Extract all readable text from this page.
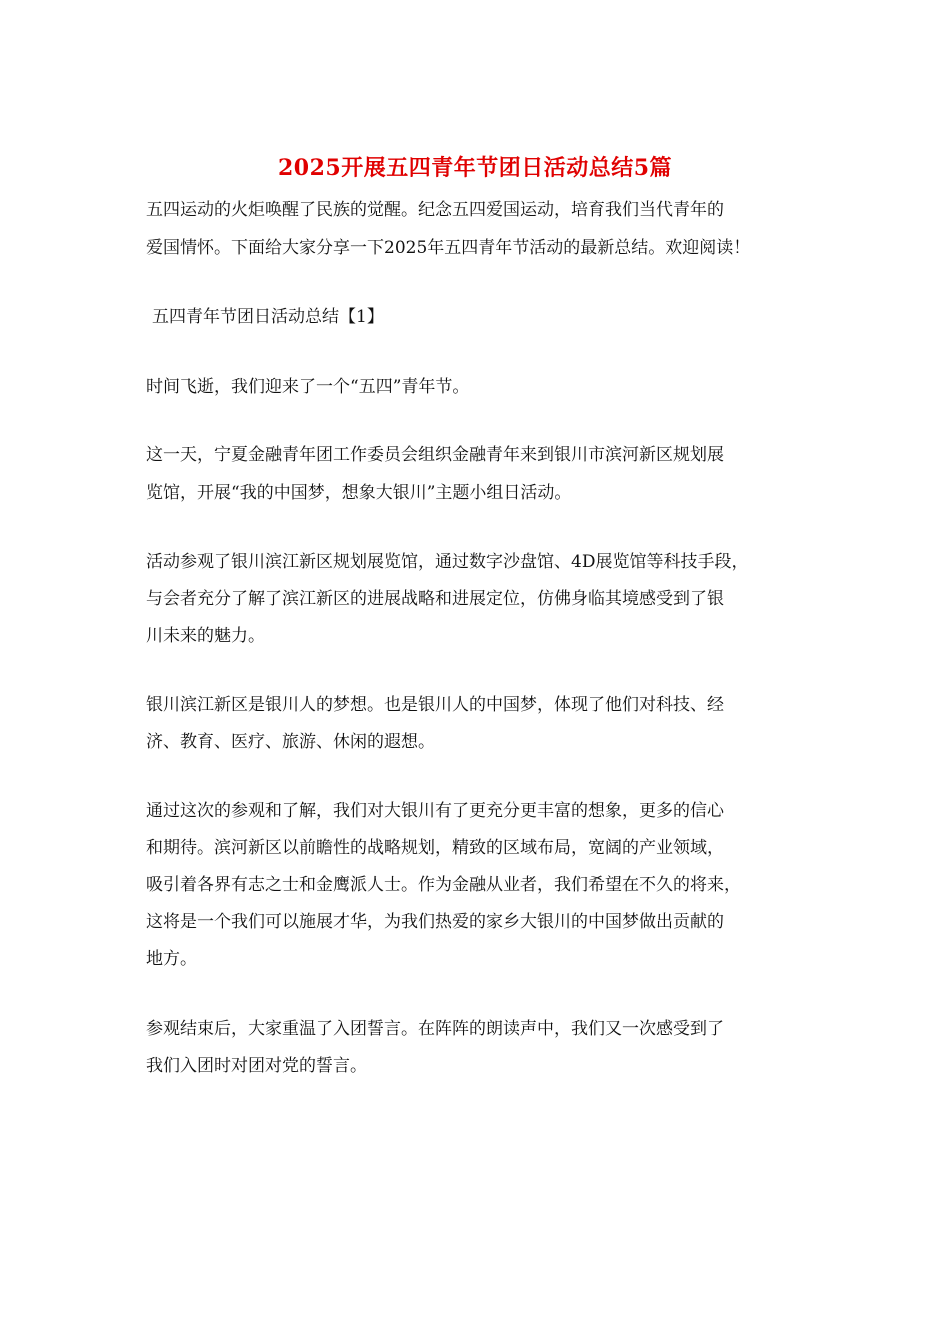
2025开展五四青年节团日活动总结5篇

五四运动的火炬唤醒了民族的觉醒。纪念五四爱国运动，培育我们当代青年的

爱国情怀。下面给大家分享一下2025年五四青年节活动的最新总结。欢迎阅读！

五四青年节团日活动总结【1】

时间飞逝，我们迎来了一个“五四”青年节。

这一天，宁夏金融青年团工作委员会组织金融青年来到银川市滨河新区规划展

览馆，开展“我的中国梦，想象大银川”主题小组日活动。

活动参观了银川滨江新区规划展览馆，通过数字沙盘馆、4D展览馆等科技手段，

与会者充分了解了滨江新区的进展战略和进展定位，仿佛身临其境感受到了银

川未来的魅力。

银川滨江新区是银川人的梦想。也是银川人的中国梦，体现了他们对科技、经

济、教育、医疗、旅游、休闲的遐想。

通过这次的参观和了解，我们对大银川有了更充分更丰富的想象，更多的信心

和期待。滨河新区以前瞻性的战略规划，精致的区域布局，宽阔的产业领域，

吸引着各界有志之士和金鹰派人士。作为金融从业者，我们希望在不久的将来，

这将是一个我们可以施展才华，为我们热爱的家乡大银川的中国梦做出贡献的

地方。

参观结束后，大家重温了入团誓言。在阵阵的朗读声中，我们又一次感受到了

我们入团时对团对党的誓言。
